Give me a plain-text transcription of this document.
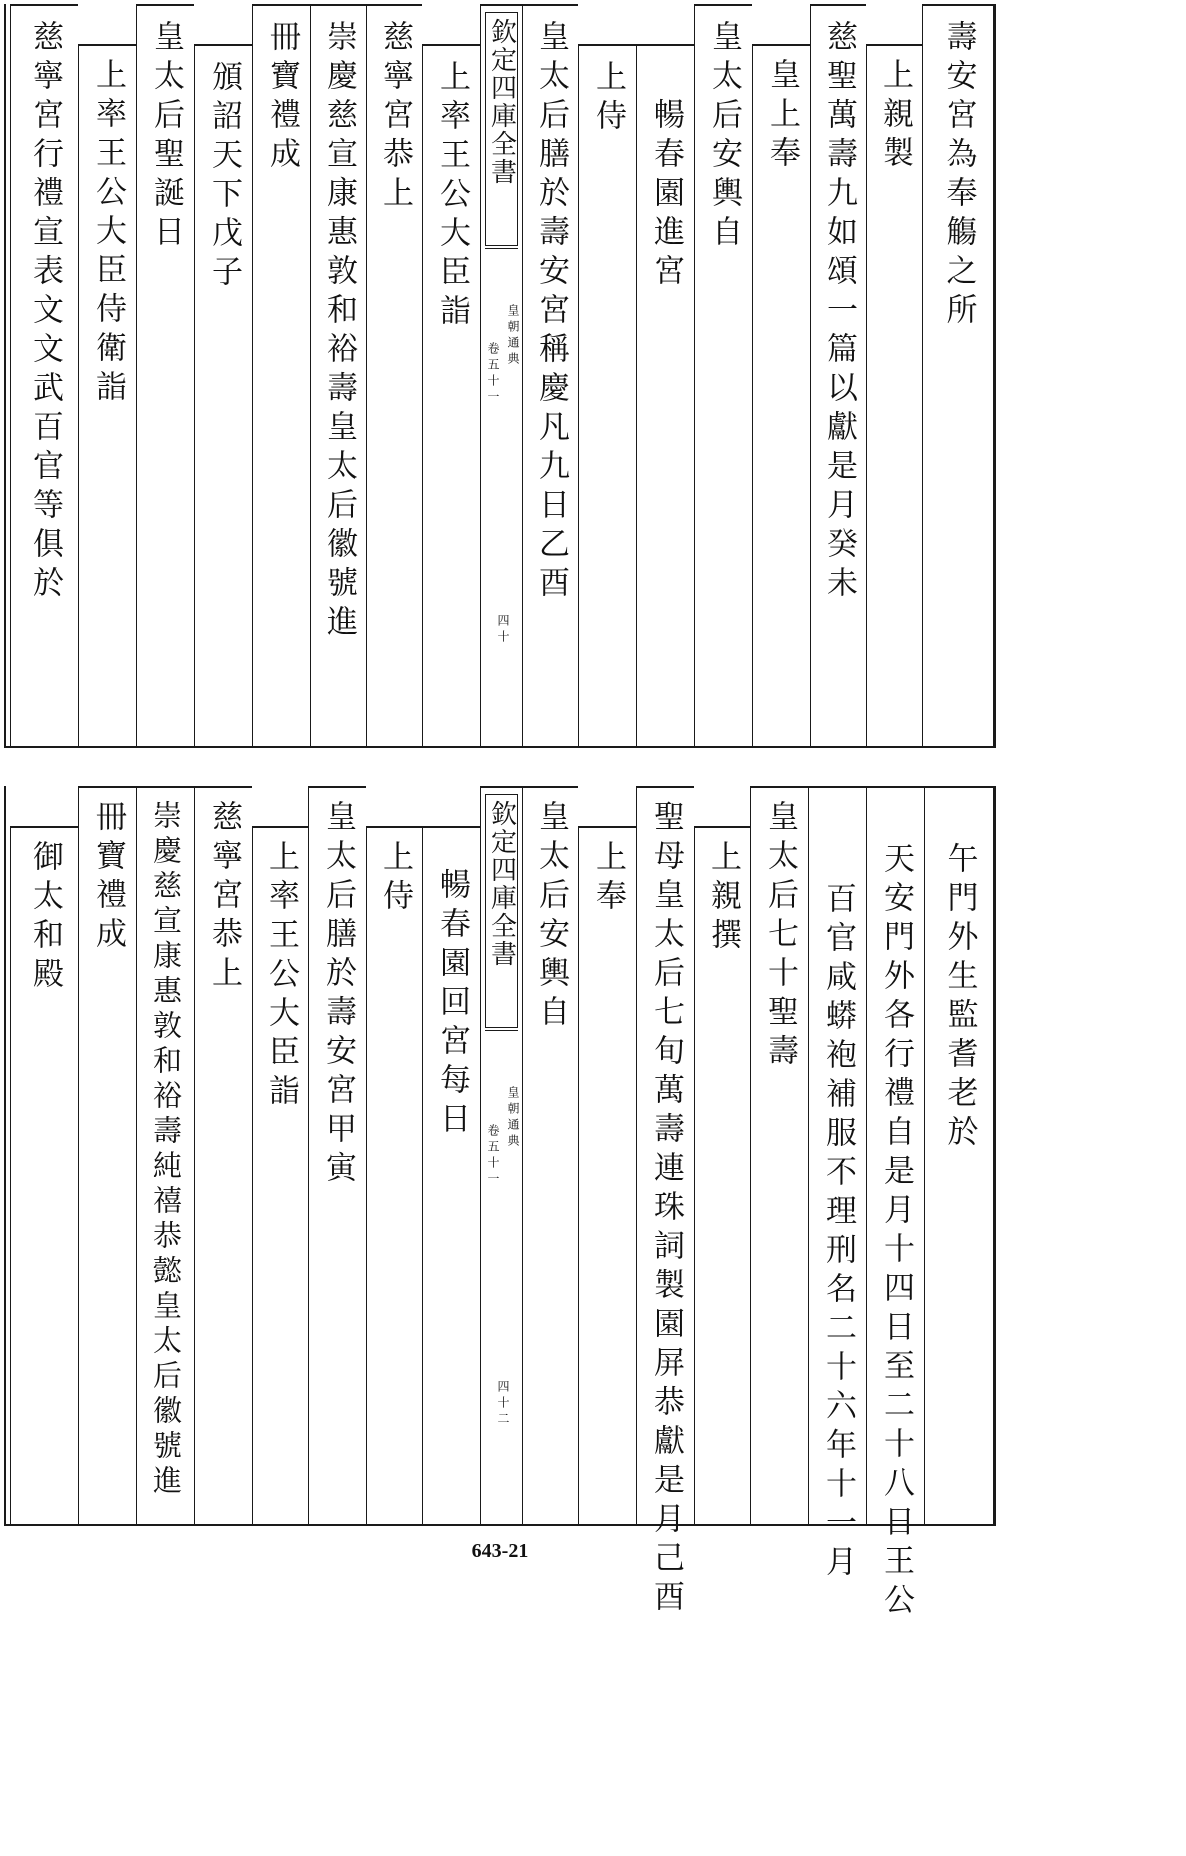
壽安宮為奉觴之所
上親製
慈聖萬壽九如頌一篇以獻是月癸未
皇上奉
皇太后安輿自
暢春園進宮
上侍
皇太后膳於壽安宮稱慶凡九日乙酉
欽定四庫全書
皇朝通典
卷五十一
四十
上率王公大臣詣
慈寧宮恭上
崇慶慈宣康惠敦和裕壽皇太后徽號進
冊寶禮成
頒詔天下戊子
皇太后聖誕日
上率王公大臣侍衛詣
慈寧宮行禮宣表文文武百官等俱於
午門外生監耆老於
天安門外各行禮自是月十四日至二十八日王公
百官咸蟒袍補服不理刑名二十六年十一月
皇太后七十聖壽
上親撰
聖母皇太后七旬萬壽連珠詞製園屏恭獻是月己酉
上奉
皇太后安輿自
欽定四庫全書
皇朝通典
卷五十一
四十二
暢春園回宮每日
上侍
皇太后膳於壽安宮甲寅
上率王公大臣詣
慈寧宮恭上
崇慶慈宣康惠敦和裕壽純禧恭懿皇太后徽號進
冊寶禮成
御太和殿
643-21
